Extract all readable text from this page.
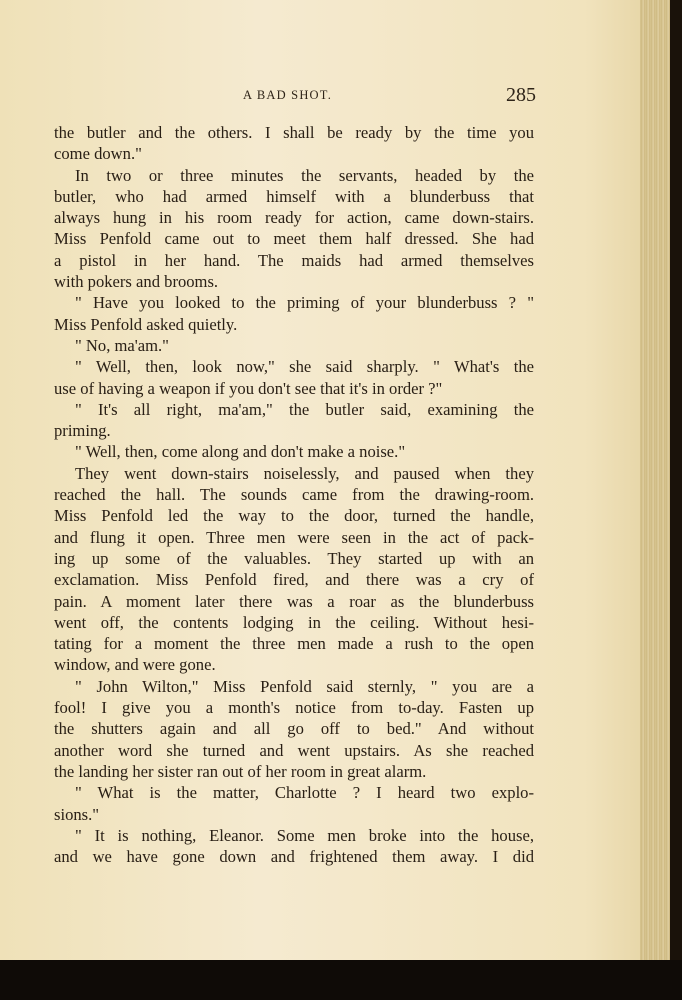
A BAD SHOT.	285
the butler and the others. I shall be ready by the time you
come down."
In two or three minutes the servants, headed by the
butler, who had armed himself with a blunderbuss that
always hung in his room ready for action, came down-stairs.
Miss Penfold came out to meet them half dressed. She had
a pistol in her hand. The maids had armed themselves
with pokers and brooms.
" Have you looked to the priming of your blunderbuss ? "
Miss Penfold asked quietly.
" No, ma'am."
" Well, then, look now," she said sharply. " What's the
use of having a weapon if you don't see that it's in order ?"
" It's all right, ma'am," the butler said, examining the
priming.
" Well, then, come along and don't make a noise."
They went down-stairs noiselessly, and paused when they
reached the hall. The sounds came from the drawing-room.
Miss Penfold led the way to the door, turned the handle,
and flung it open. Three men were seen in the act of pack-
ing up some of the valuables. They started up with an
exclamation. Miss Penfold fired, and there was a cry of
pain. A moment later there was a roar as the blunderbuss
went off, the contents lodging in the ceiling. Without hesi-
tating for a moment the three men made a rush to the open
window, and were gone.
" John Wilton," Miss Penfold said sternly, " you are a
fool! I give you a month's notice from to-day. Fasten up
the shutters again and all go off to bed." And without
another word she turned and went upstairs. As she reached
the landing her sister ran out of her room in great alarm.
" What is the matter, Charlotte ? I heard two explo-
sions."
" It is nothing, Eleanor. Some men broke into the house,
and we have gone down and frightened them away. I did
